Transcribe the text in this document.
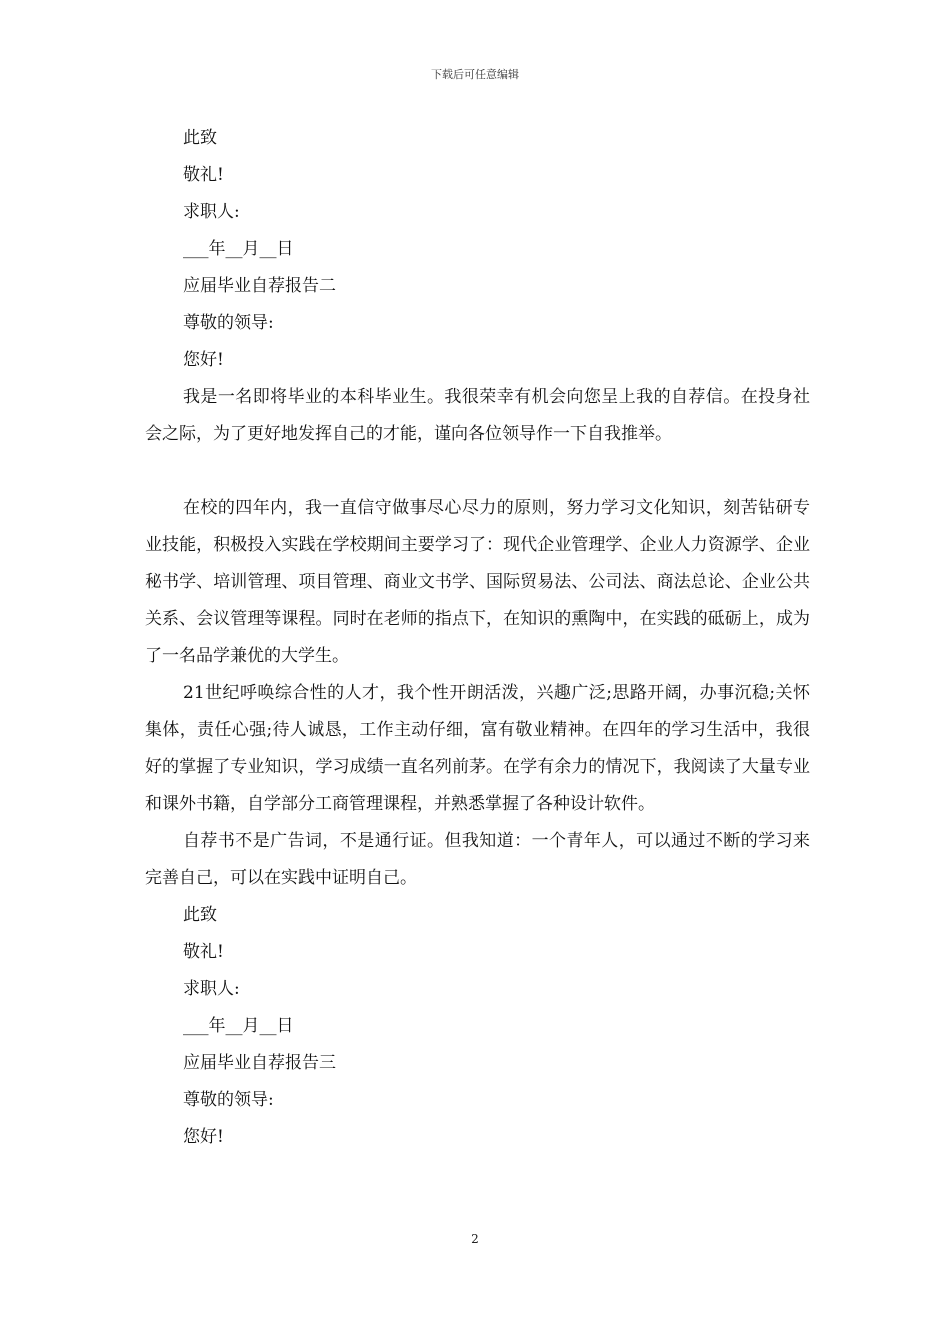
下载后可任意编辑

此致

敬礼!

求职人:

___年__月__日

应届毕业自荐报告二

尊敬的领导:

您好!

我是一名即将毕业的本科毕业生。我很荣幸有机会向您呈上我的自荐信。在投身社会之际，为了更好地发挥自己的才能，谨向各位领导作一下自我推举。

在校的四年内，我一直信守做事尽心尽力的原则，努力学习文化知识，刻苦钻研专业技能，积极投入实践在学校期间主要学习了：现代企业管理学、企业人力资源学、企业秘书学、培训管理、项目管理、商业文书学、国际贸易法、公司法、商法总论、企业公共关系、会议管理等课程。同时在老师的指点下，在知识的熏陶中，在实践的砥砺上，成为了一名品学兼优的大学生。

21世纪呼唤综合性的人才，我个性开朗活泼，兴趣广泛;思路开阔，办事沉稳;关怀集体，责任心强;待人诚恳，工作主动仔细，富有敬业精神。在四年的学习生活中，我很好的掌握了专业知识，学习成绩一直名列前茅。在学有余力的情况下，我阅读了大量专业和课外书籍，自学部分工商管理课程，并熟悉掌握了各种设计软件。

自荐书不是广告词，不是通行证。但我知道：一个青年人，可以通过不断的学习来完善自己，可以在实践中证明自己。

此致

敬礼!

求职人:

___年__月__日

应届毕业自荐报告三

尊敬的领导:

您好!

2
